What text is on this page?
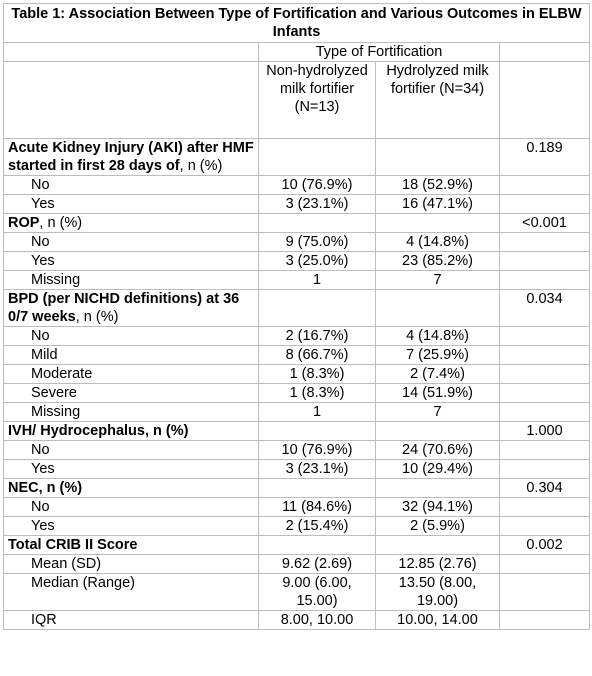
Table 1: Association Between Type of Fortification and Various Outcomes in ELBW Infants			
	Type of Fortification		
	Non-hydrolyzed milk fortifier (N=13)	Hydrolyzed milk fortifier (N=34)	
Acute Kidney Injury (AKI) after HMF started in first 28 days of, n (%)			0.189
No	10 (76.9%)	18 (52.9%)	
Yes	3 (23.1%)	16 (47.1%)	
ROP, n (%)			<0.001
No	9 (75.0%)	4 (14.8%)	
Yes	3 (25.0%)	23 (85.2%)	
Missing	1	7	
BPD (per NICHD definitions) at 36 0/7 weeks, n (%)			0.034
No	2 (16.7%)	4 (14.8%)	
Mild	8 (66.7%)	7 (25.9%)	
Moderate	1 (8.3%)	2 (7.4%)	
Severe	1 (8.3%)	14 (51.9%)	
Missing	1	7	
IVH/ Hydrocephalus, n (%)			1.000
No	10 (76.9%)	24 (70.6%)	
Yes	3 (23.1%)	10 (29.4%)	
NEC, n (%)			0.304
No	11 (84.6%)	32 (94.1%)	
Yes	2 (15.4%)	2 (5.9%)	
Total CRIB II Score			0.002
Mean (SD)	9.62 (2.69)	12.85 (2.76)	
Median (Range)	9.00 (6.00, 15.00)	13.50 (8.00, 19.00)	
IQR	8.00, 10.00	10.00, 14.00	
